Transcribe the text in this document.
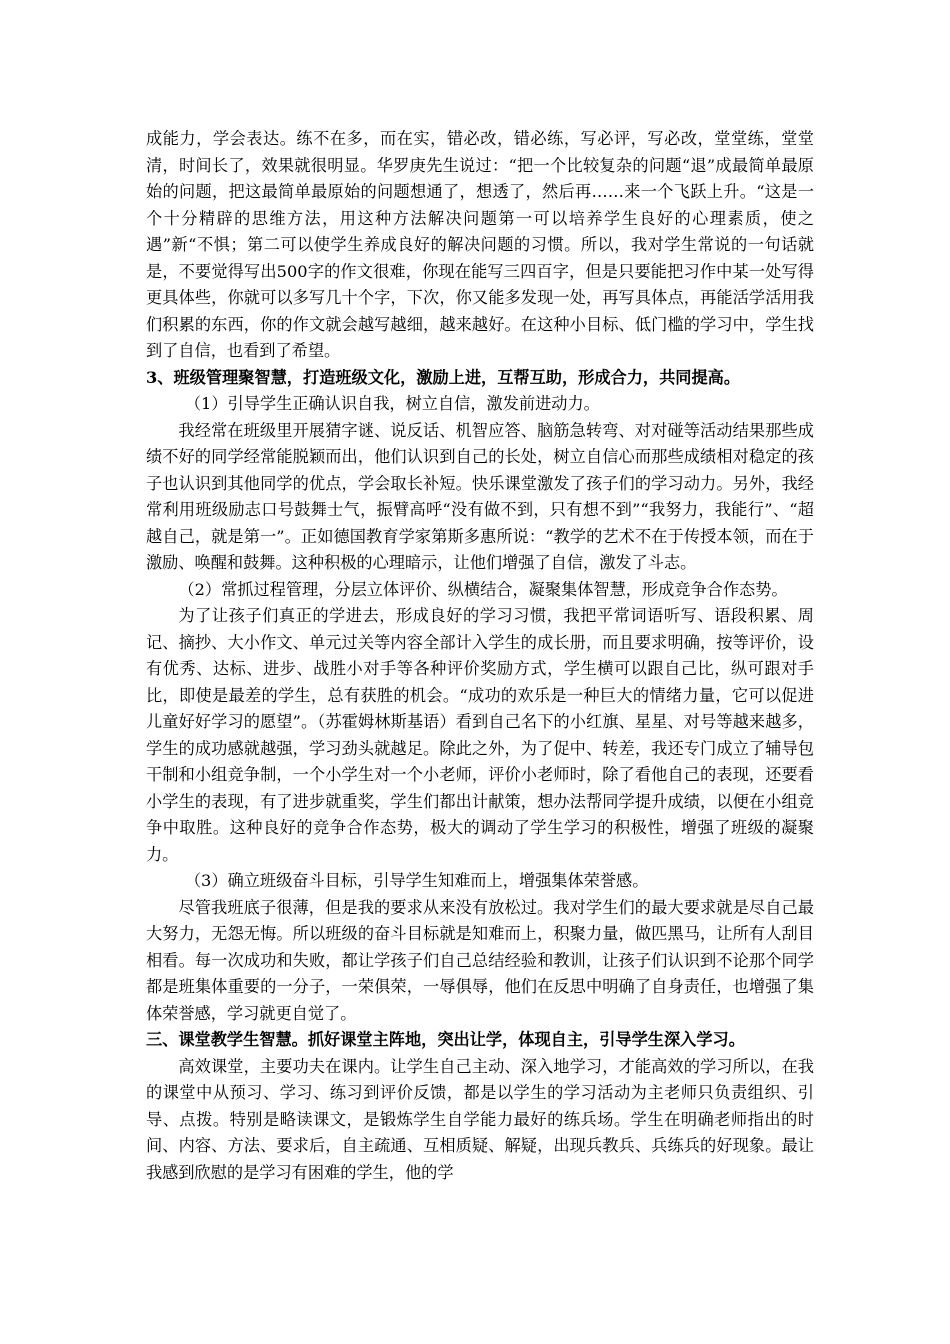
成能力，学会表达。练不在多，而在实，错必改，错必练，写必评，写必改，堂堂练，堂堂清，时间长了，效果就很明显。华罗庚先生说过：“把一个比较复杂的问题“退”成最简单最原始的问题，把这最简单最原始的问题想通了，想透了，然后再……来一个飞跃上升。“这是一个十分精辟的思维方法，用这种方法解决问题第一可以培养学生良好的心理素质，使之遇”新“不惧；第二可以使学生养成良好的解决问题的习惯。所以，我对学生常说的一句话就是，不要觉得写出500字的作文很难，你现在能写三四百字，但是只要能把习作中某一处写得更具体些，你就可以多写几十个字，下次，你又能多发现一处，再写具体点，再能活学活用我们积累的东西，你的作文就会越写越细，越来越好。在这种小目标、低门槛的学习中，学生找到了自信，也看到了希望。

3、班级管理聚智慧，打造班级文化，激励上进，互帮互助，形成合力，共同提高。

（1）引导学生正确认识自我，树立自信，激发前进动力。

我经常在班级里开展猜字谜、说反话、机智应答、脑筋急转弯、对对碰等活动结果那些成绩不好的同学经常能脱颖而出，他们认识到自己的长处，树立自信心而那些成绩相对稳定的孩子也认识到其他同学的优点，学会取长补短。快乐课堂激发了孩子们的学习动力。另外，我经常利用班级励志口号鼓舞士气，振臂高呼“没有做不到，只有想不到”“我努力，我能行”、“超越自己，就是第一”。正如德国教育学家第斯多惠所说：“教学的艺术不在于传授本领，而在于激励、唤醒和鼓舞。这种积极的心理暗示，让他们增强了自信，激发了斗志。

（2）常抓过程管理，分层立体评价、纵横结合，凝聚集体智慧，形成竞争合作态势。

为了让孩子们真正的学进去，形成良好的学习习惯，我把平常词语听写、语段积累、周记、摘抄、大小作文、单元过关等内容全部计入学生的成长册，而且要求明确，按等评价，设有优秀、达标、进步、战胜小对手等各种评价奖励方式，学生横可以跟自己比，纵可跟对手比，即使是最差的学生，总有获胜的机会。“成功的欢乐是一种巨大的情绪力量，它可以促进儿童好好学习的愿望”。（苏霍姆林斯基语）看到自己名下的小红旗、星星、对号等越来越多，学生的成功感就越强，学习劲头就越足。除此之外，为了促中、转差，我还专门成立了辅导包干制和小组竞争制，一个小学生对一个小老师，评价小老师时，除了看他自己的表现，还要看小学生的表现，有了进步就重奖，学生们都出计献策，想办法帮同学提升成绩，以便在小组竞争中取胜。这种良好的竞争合作态势，极大的调动了学生学习的积极性，增强了班级的凝聚力。

（3）确立班级奋斗目标，引导学生知难而上，增强集体荣誉感。

尽管我班底子很薄，但是我的要求从来没有放松过。我对学生们的最大要求就是尽自己最大努力，无怨无悔。所以班级的奋斗目标就是知难而上，积聚力量，做匹黑马，让所有人刮目相看。每一次成功和失败，都让学孩子们自己总结经验和教训，让孩子们认识到不论那个同学都是班集体重要的一分子，一荣俱荣，一辱俱辱，他们在反思中明确了自身责任，也增强了集体荣誉感，学习就更自觉了。

三、课堂教学生智慧。抓好课堂主阵地，突出让学，体现自主，引导学生深入学习。

高效课堂，主要功夫在课内。让学生自己主动、深入地学习，才能高效的学习所以，在我的课堂中从预习、学习、练习到评价反馈，都是以学生的学习活动为主老师只负责组织、引导、点拨。特别是略读课文，是锻炼学生自学能力最好的练兵场。学生在明确老师指出的时间、内容、方法、要求后，自主疏通、互相质疑、解疑，出现兵教兵、兵练兵的好现象。最让我感到欣慰的是学习有困难的学生，他的学
